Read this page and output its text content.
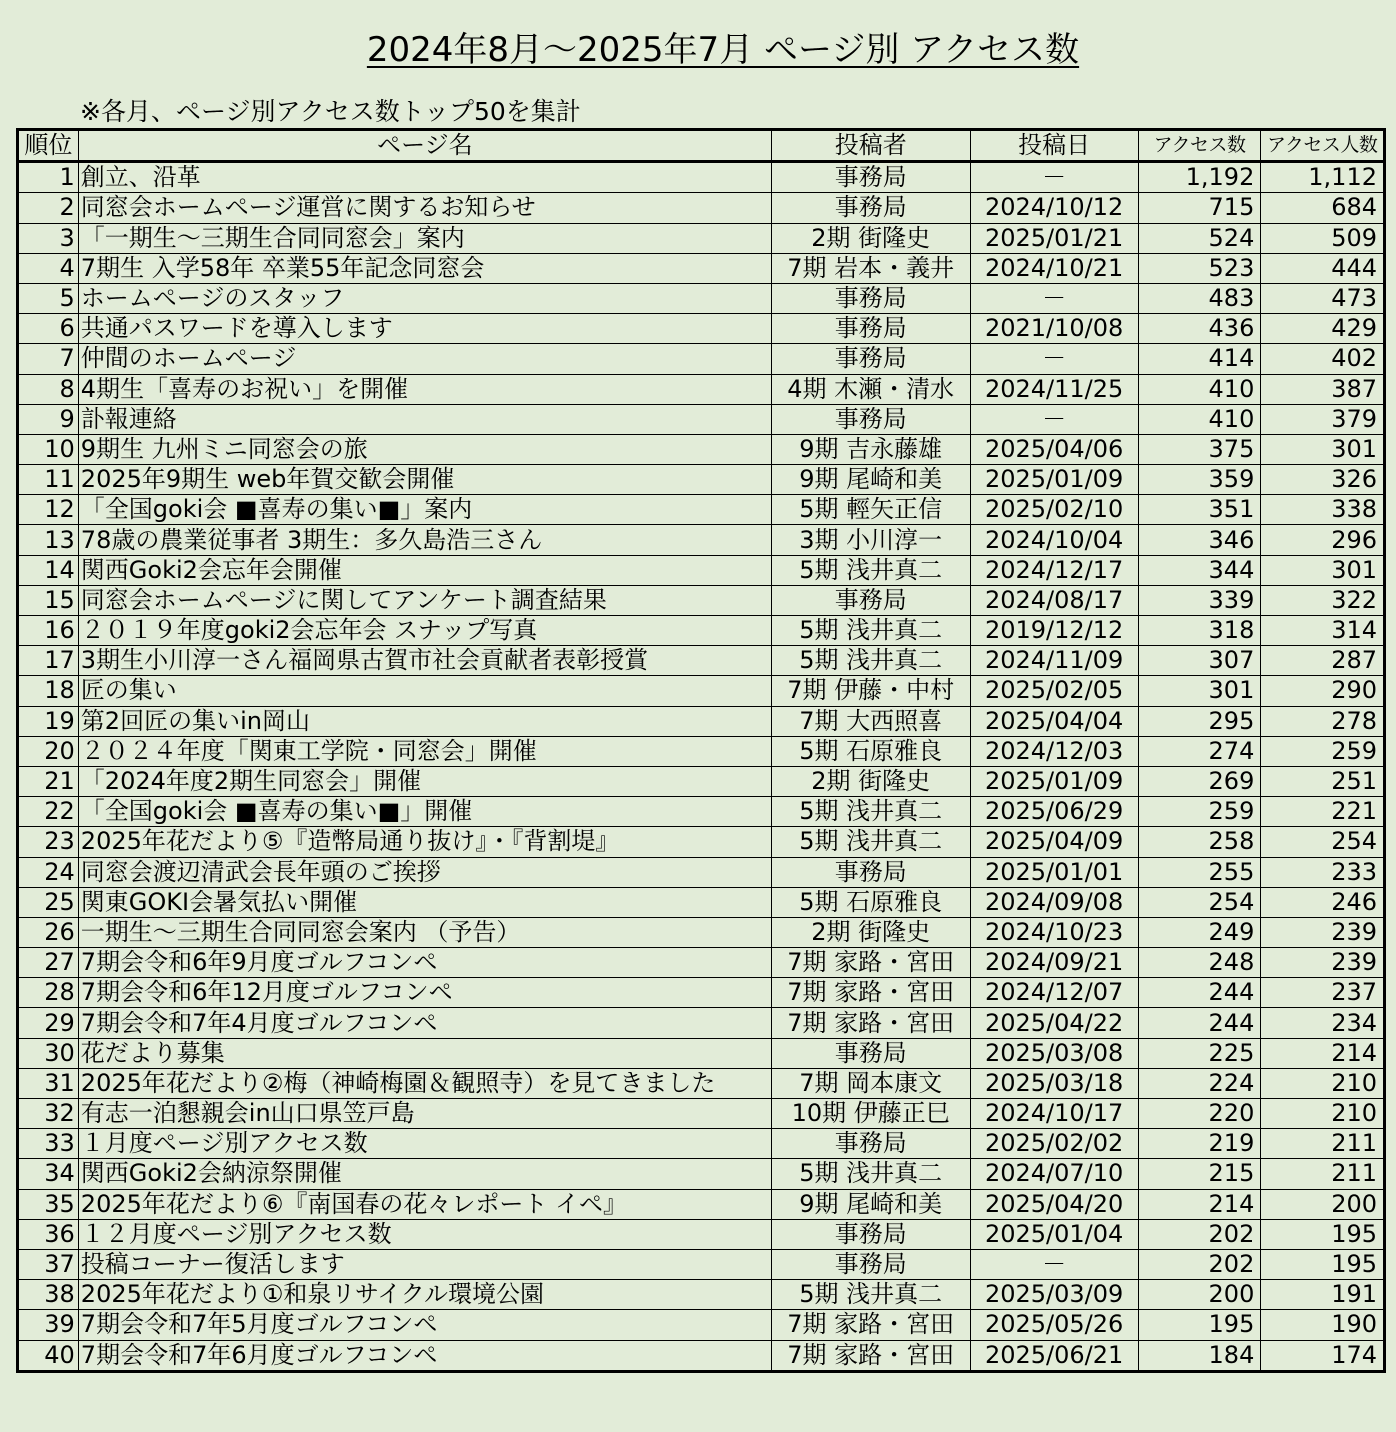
2024年8月～2025年7月 ページ別 アクセス数
※各月、ページ別アクセス数トップ50を集計
順位	ページ名	投稿者	投稿日	アクセス数	アクセス人数
1	創立、沿革	事務局	－	1,192	1,112
2	同窓会ホームページ運営に関するお知らせ	事務局	2024/10/12	715	684
3	「一期生～三期生合同同窓会」案内	2期 街隆史	2025/01/21	524	509
4	7期生 入学58年 卒業55年記念同窓会	7期 岩本・義井	2024/10/21	523	444
5	ホームページのスタッフ	事務局	－	483	473
6	共通パスワードを導入します	事務局	2021/10/08	436	429
7	仲間のホームページ	事務局	－	414	402
8	4期生「喜寿のお祝い」を開催	4期 木瀬・清水	2024/11/25	410	387
9	訃報連絡	事務局	－	410	379
10	9期生 九州ミニ同窓会の旅	9期 吉永藤雄	2025/04/06	375	301
11	2025年9期生 web年賀交歓会開催	9期 尾崎和美	2025/01/09	359	326
12	「全国goki会 ■喜寿の集い■」案内	5期 輕矢正信	2025/02/10	351	338
13	78歳の農業従事者 3期生：多久島浩三さん	3期 小川淳一	2024/10/04	346	296
14	関西Goki2会忘年会開催	5期 浅井真二	2024/12/17	344	301
15	同窓会ホームページに関してアンケート調査結果	事務局	2024/08/17	339	322
16	２０１９年度goki2会忘年会 スナップ写真	5期 浅井真二	2019/12/12	318	314
17	3期生小川淳一さん福岡県古賀市社会貢献者表彰授賞	5期 浅井真二	2024/11/09	307	287
18	匠の集い	7期 伊藤・中村	2025/02/05	301	290
19	第2回匠の集いin岡山	7期 大西照喜	2025/04/04	295	278
20	２０２４年度「関東工学院・同窓会」開催	5期 石原雅良	2024/12/03	274	259
21	「2024年度2期生同窓会」開催	2期 街隆史	2025/01/09	269	251
22	「全国goki会 ■喜寿の集い■」開催	5期 浅井真二	2025/06/29	259	221
23	2025年花だより⑤『造幣局通り抜け』・『背割堤』	5期 浅井真二	2025/04/09	258	254
24	同窓会渡辺清武会長年頭のご挨拶	事務局	2025/01/01	255	233
25	関東GOKI会暑気払い開催	5期 石原雅良	2024/09/08	254	246
26	一期生～三期生合同同窓会案内 （予告）	2期 街隆史	2024/10/23	249	239
27	7期会令和6年9月度ゴルフコンペ	7期 家路・宮田	2024/09/21	248	239
28	7期会令和6年12月度ゴルフコンペ	7期 家路・宮田	2024/12/07	244	237
29	7期会令和7年4月度ゴルフコンペ	7期 家路・宮田	2025/04/22	244	234
30	花だより募集	事務局	2025/03/08	225	214
31	2025年花だより②梅（神崎梅園＆観照寺）を見てきました	7期 岡本康文	2025/03/18	224	210
32	有志一泊懇親会in山口県笠戸島	10期 伊藤正巳	2024/10/17	220	210
33	１月度ページ別アクセス数	事務局	2025/02/02	219	211
34	関西Goki2会納涼祭開催	5期 浅井真二	2024/07/10	215	211
35	2025年花だより⑥『南国春の花々レポート イペ』	9期 尾崎和美	2025/04/20	214	200
36	１２月度ページ別アクセス数	事務局	2025/01/04	202	195
37	投稿コーナー復活します	事務局	－	202	195
38	2025年花だより①和泉リサイクル環境公園	5期 浅井真二	2025/03/09	200	191
39	7期会令和7年5月度ゴルフコンペ	7期 家路・宮田	2025/05/26	195	190
40	7期会令和7年6月度ゴルフコンペ	7期 家路・宮田	2025/06/21	184	174
